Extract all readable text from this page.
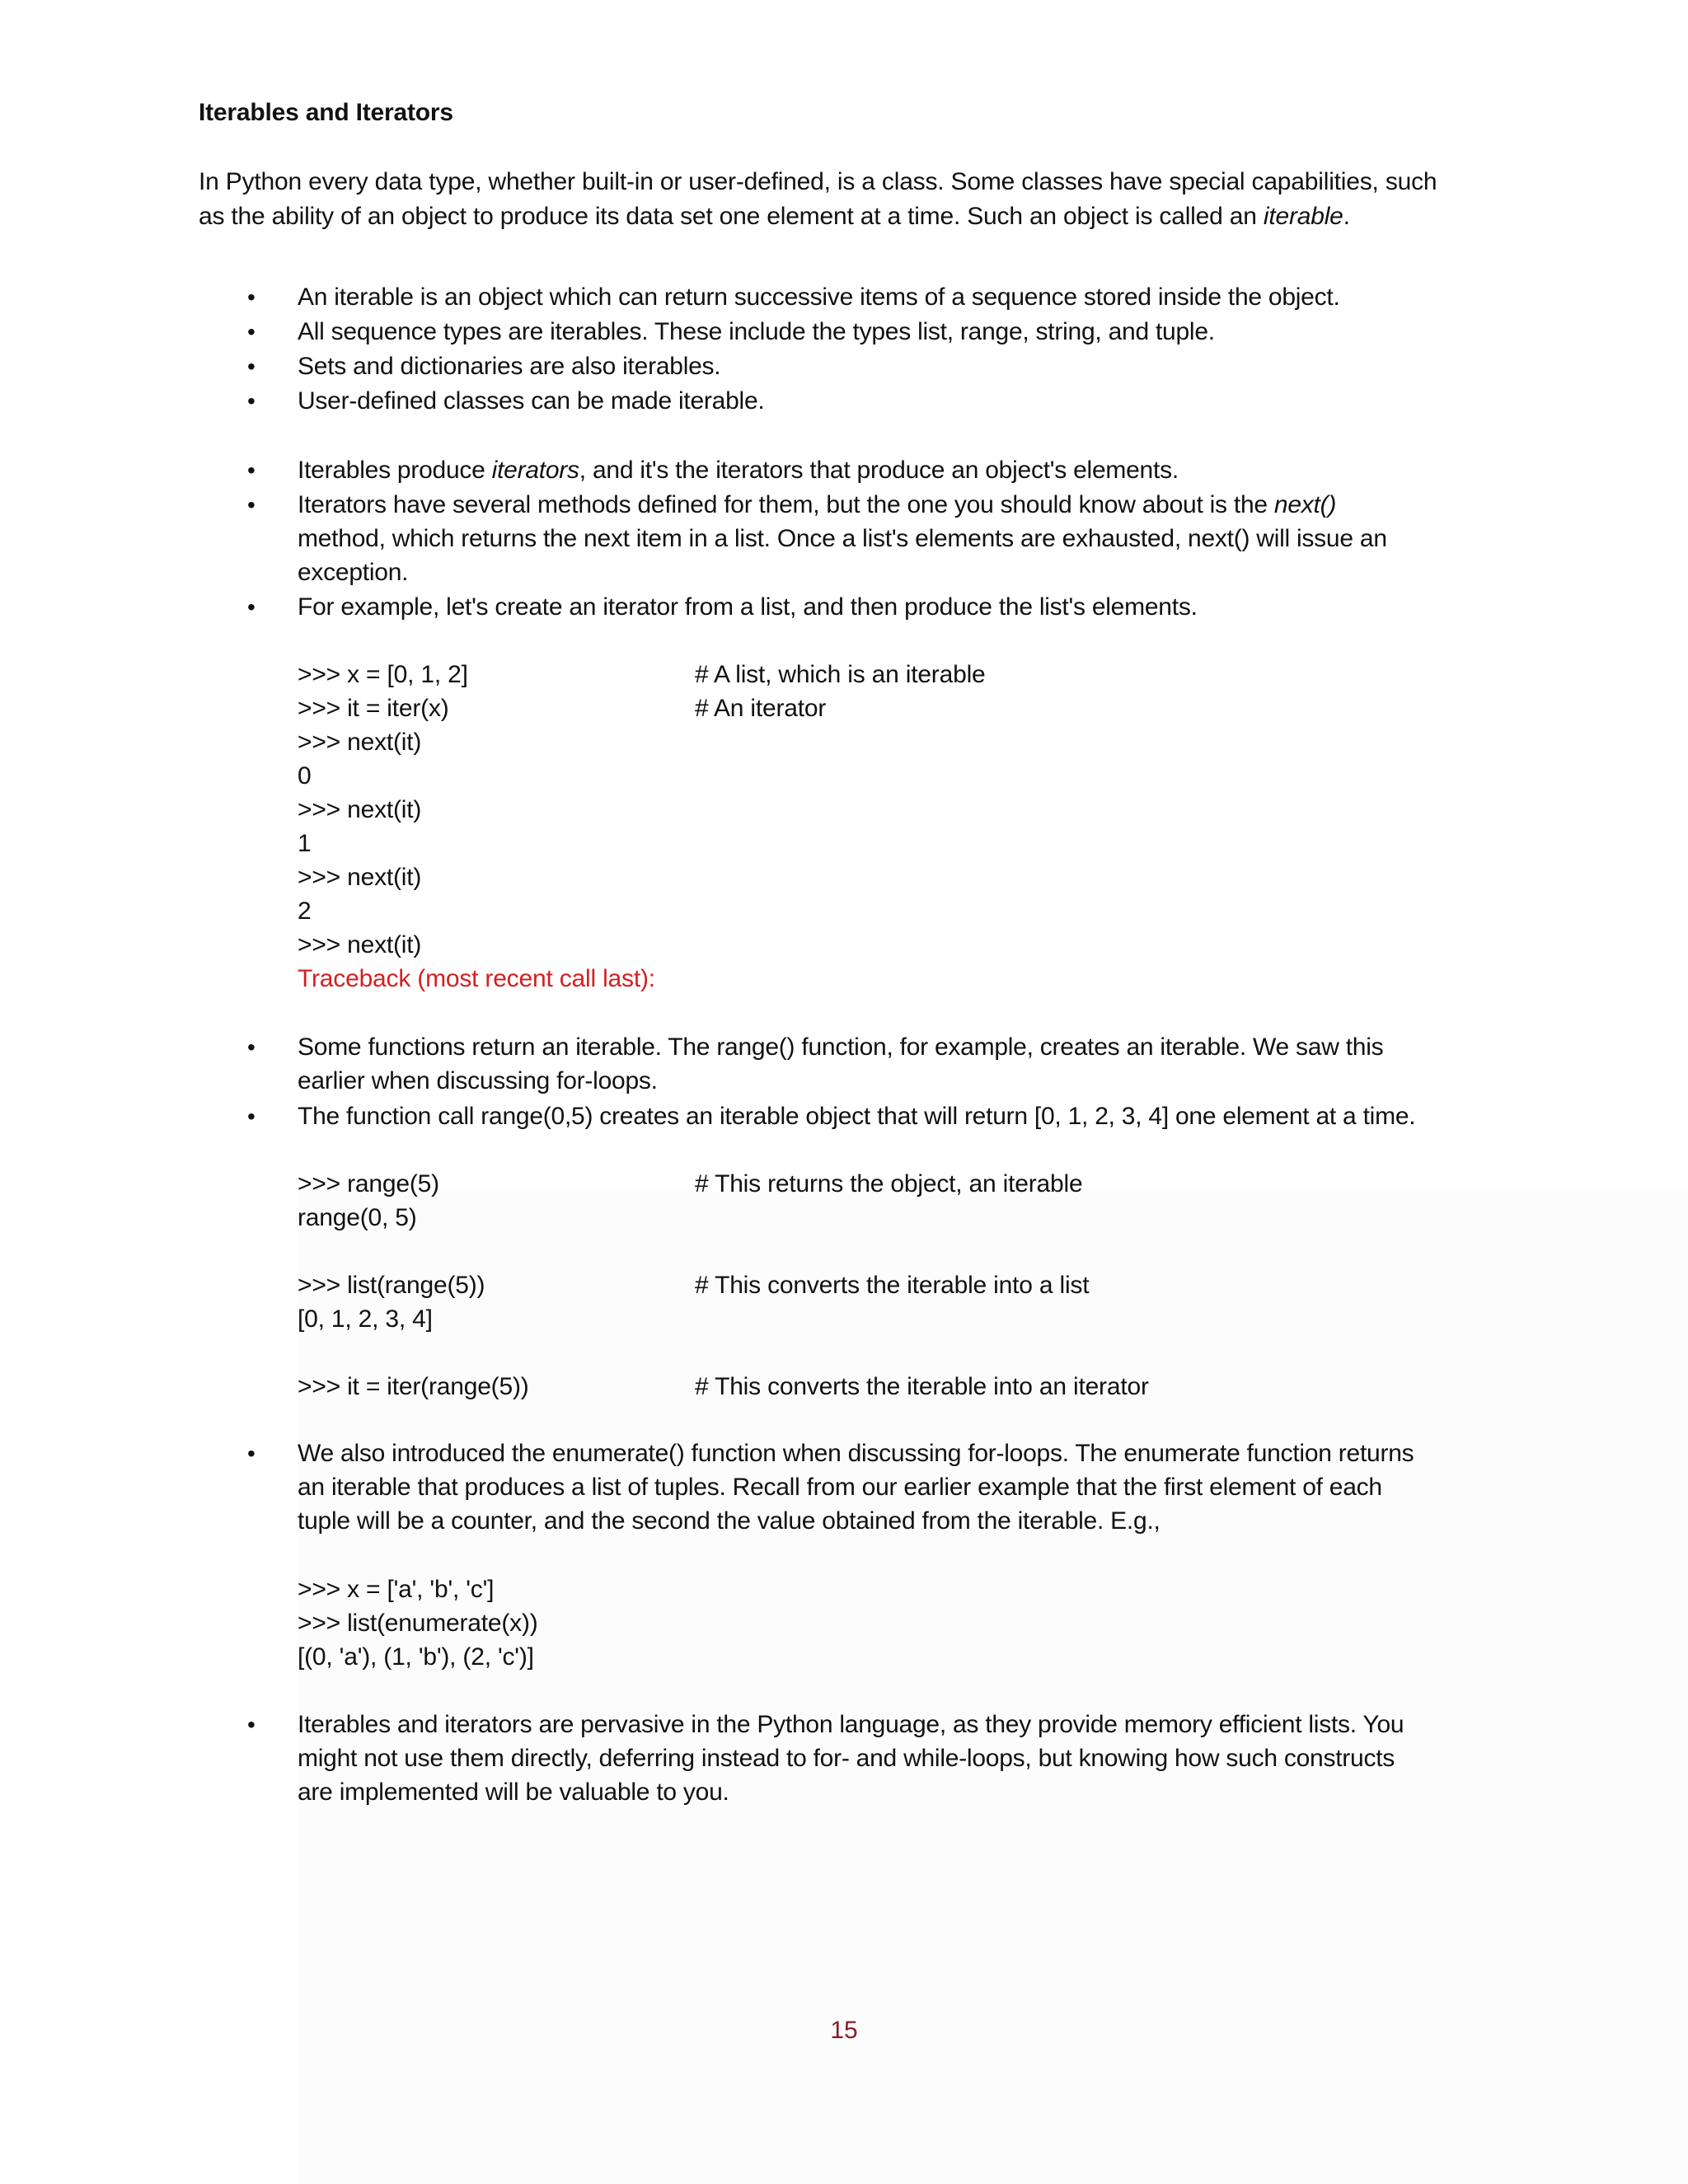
Iterables and Iterators
In Python every data type, whether built-in or user-defined, is a class. Some classes have special capabilities, such
as the ability of an object to produce its data set one element at a time. Such an object is called an iterable.
• An iterable is an object which can return successive items of a sequence stored inside the object.
• All sequence types are iterables. These include the types list, range, string, and tuple.
• Sets and dictionaries are also iterables.
• User-defined classes can be made iterable.
• Iterables produce iterators, and it's the iterators that produce an object's elements.
• Iterators have several methods defined for them, but the one you should know about is the next()
method, which returns the next item in a list. Once a list's elements are exhausted, next() will issue an
exception.
• For example, let's create an iterator from a list, and then produce the list's elements.
>>> x = [0, 1, 2]	# A list, which is an iterable
>>> it = iter(x)	# An iterator
>>> next(it)
0
>>> next(it)
1
>>> next(it)
2
>>> next(it)
Traceback (most recent call last):
• Some functions return an iterable. The range() function, for example, creates an iterable. We saw this
earlier when discussing for-loops.
• The function call range(0,5) creates an iterable object that will return [0, 1, 2, 3, 4] one element at a time.
>>> range(5)	# This returns the object, an iterable
range(0, 5)
>>> list(range(5))	# This converts the iterable into a list
[0, 1, 2, 3, 4]
>>> it = iter(range(5))	# This converts the iterable into an iterator
• We also introduced the enumerate() function when discussing for-loops. The enumerate function returns
an iterable that produces a list of tuples. Recall from our earlier example that the first element of each
tuple will be a counter, and the second the value obtained from the iterable. E.g.,
>>> x = ['a', 'b', 'c']
>>> list(enumerate(x))
[(0, 'a'), (1, 'b'), (2, 'c')]
• Iterables and iterators are pervasive in the Python language, as they provide memory efficient lists. You
might not use them directly, deferring instead to for- and while-loops, but knowing how such constructs
are implemented will be valuable to you.
15
